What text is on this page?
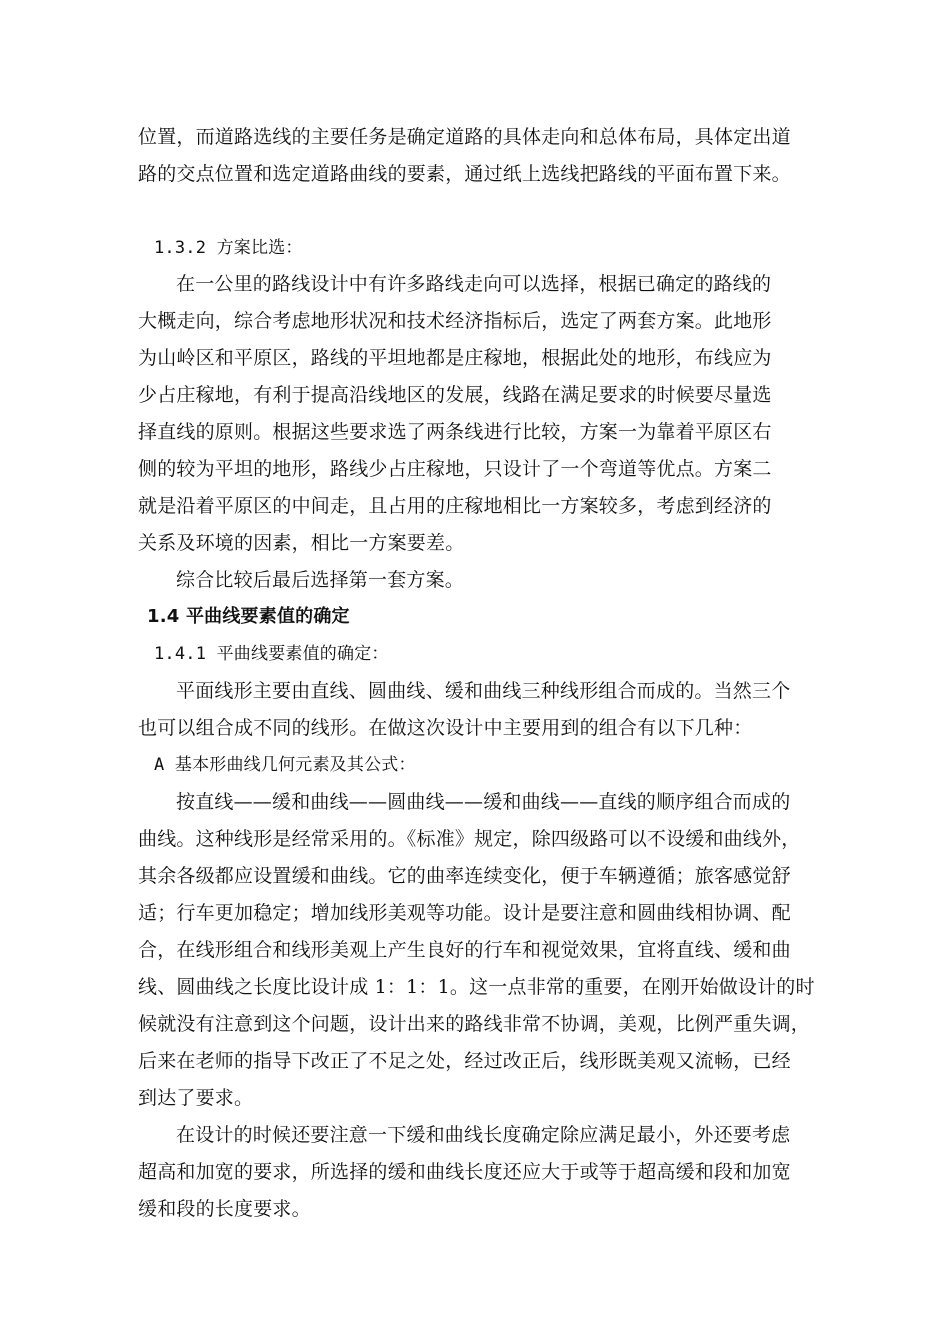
位置，而道路选线的主要任务是确定道路的具体走向和总体布局，具体定出道
路的交点位置和选定道路曲线的要素，通过纸上选线把路线的平面布置下来。
1.3.2 方案比选：
在一公里的路线设计中有许多路线走向可以选择，根据已确定的路线的
大概走向，综合考虑地形状况和技术经济指标后，选定了两套方案。此地形
为山岭区和平原区，路线的平坦地都是庄稼地，根据此处的地形，布线应为
少占庄稼地，有利于提高沿线地区的发展，线路在满足要求的时候要尽量选
择直线的原则。根据这些要求选了两条线进行比较，方案一为靠着平原区右
侧的较为平坦的地形，路线少占庄稼地，只设计了一个弯道等优点。方案二
就是沿着平原区的中间走，且占用的庄稼地相比一方案较多，考虑到经济的
关系及环境的因素，相比一方案要差。
综合比较后最后选择第一套方案。
1.4 平曲线要素值的确定
1.4.1 平曲线要素值的确定：
平面线形主要由直线、圆曲线、缓和曲线三种线形组合而成的。当然三个
也可以组合成不同的线形。在做这次设计中主要用到的组合有以下几种：
A 基本形曲线几何元素及其公式：
按直线——缓和曲线——圆曲线——缓和曲线——直线的顺序组合而成的
曲线。这种线形是经常采用的。《标准》规定，除四级路可以不设缓和曲线外，
其余各级都应设置缓和曲线。它的曲率连续变化，便于车辆遵循；旅客感觉舒
适；行车更加稳定；增加线形美观等功能。设计是要注意和圆曲线相协调、配
合，在线形组合和线形美观上产生良好的行车和视觉效果，宜将直线、缓和曲
线、圆曲线之长度比设计成 1：1：1。这一点非常的重要，在刚开始做设计的时
候就没有注意到这个问题，设计出来的路线非常不协调，美观，比例严重失调，
后来在老师的指导下改正了不足之处，经过改正后，线形既美观又流畅，已经
到达了要求。
在设计的时候还要注意一下缓和曲线长度确定除应满足最小，外还要考虑
超高和加宽的要求，所选择的缓和曲线长度还应大于或等于超高缓和段和加宽
缓和段的长度要求。
